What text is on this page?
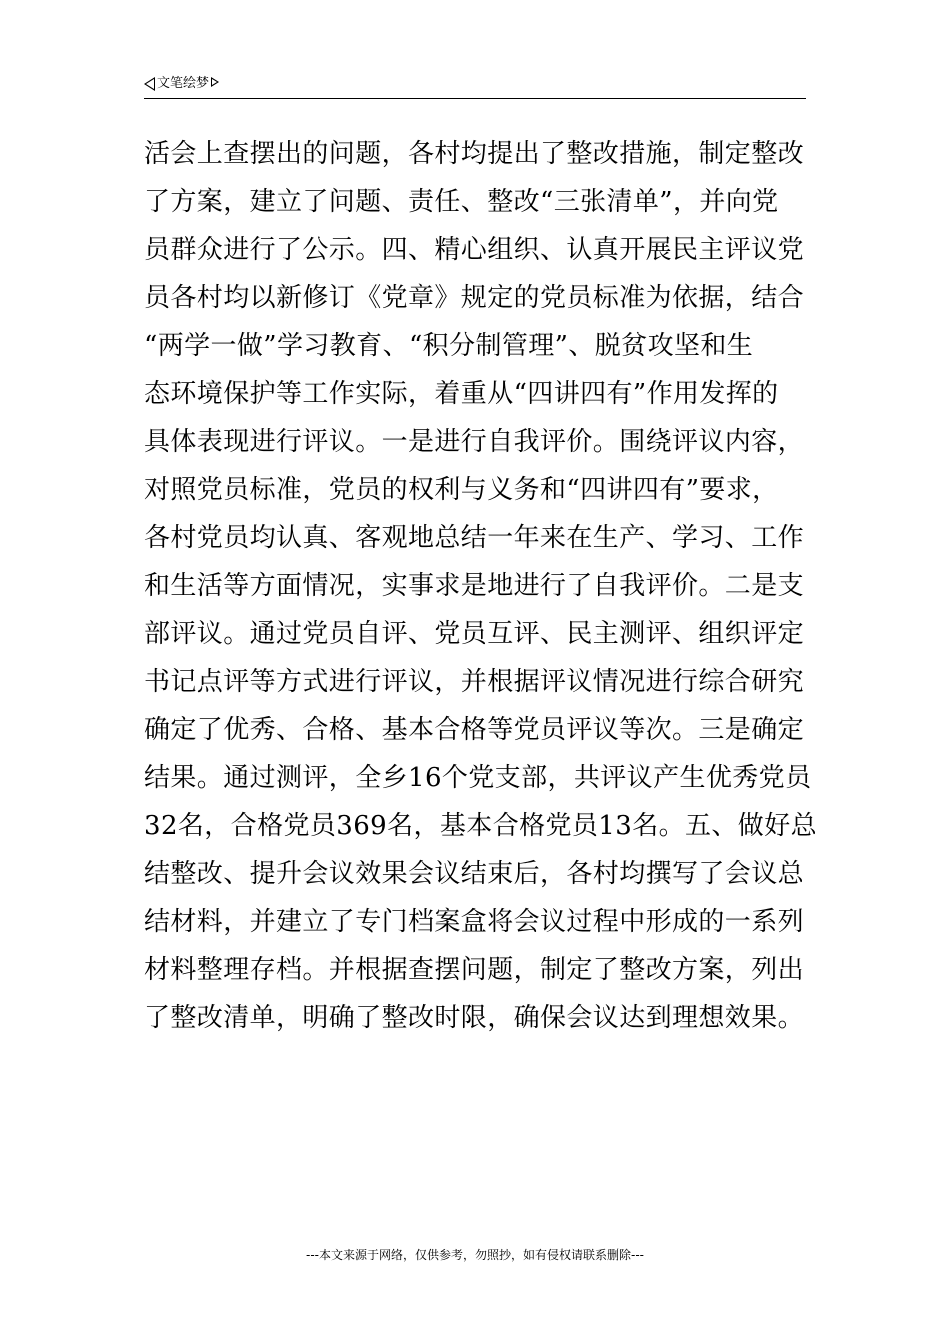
文笔绘梦
活会上查摆出的问题，各村均提出了整改措施，制定整改
了方案，建立了问题、责任、整改“三张清单”，并向党
员群众进行了公示。四、精心组织、认真开展民主评议党
员各村均以新修订《党章》规定的党员标准为依据，结合
“两学一做”学习教育、“积分制管理”、脱贫攻坚和生
态环境保护等工作实际，着重从“四讲四有”作用发挥的
具体表现进行评议。一是进行自我评价。围绕评议内容，
对照党员标准，党员的权利与义务和“四讲四有”要求，
各村党员均认真、客观地总结一年来在生产、学习、工作
和生活等方面情况，实事求是地进行了自我评价。二是支
部评议。通过党员自评、党员互评、民主测评、组织评定
书记点评等方式进行评议，并根据评议情况进行综合研究
确定了优秀、合格、基本合格等党员评议等次。三是确定
结果。通过测评，全乡16个党支部，共评议产生优秀党员
32名，合格党员369名，基本合格党员13名。五、做好总
结整改、提升会议效果会议结束后，各村均撰写了会议总
结材料，并建立了专门档案盒将会议过程中形成的一系列
材料整理存档。并根据查摆问题，制定了整改方案，列出
了整改清单，明确了整改时限，确保会议达到理想效果。
---本文来源于网络，仅供参考，勿照抄，如有侵权请联系删除---
